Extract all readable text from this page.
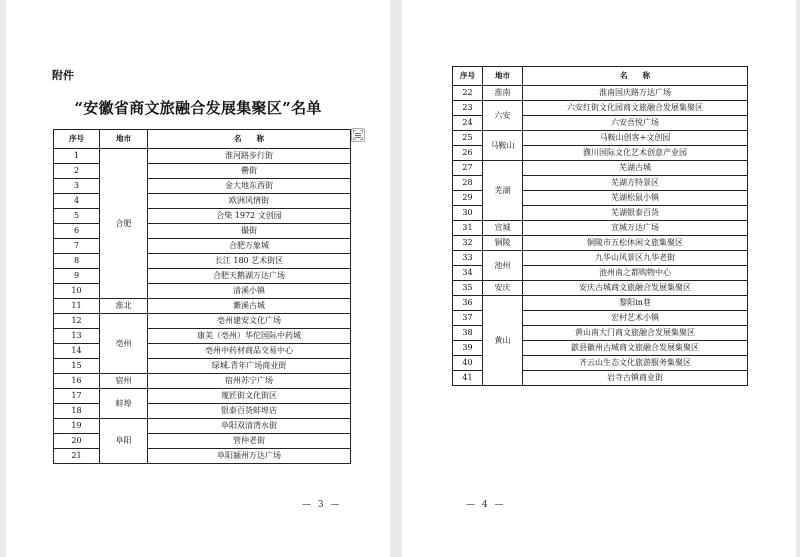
附件
“安徽省商文旅融合发展集聚区”名单
序号	地市	名　　称
1	合肥	淮河路步行街
2		罍街
3		金大地东西街
4		欧洲风情街
5		合柴 1972 文创园
6		撮街
7		合肥万象城
8		长江 180 艺术街区
9		合肥天鹅湖万达广场
10		清溪小镇
11	淮北	濉溪古城
12	亳州	亳州建安文化广场
13		康美（亳州）华佗国际中药城
14		亳州中药材商品交易中心
15		绿城.青年广场商业街
16	宿州	宿州苏宁广场
17	蚌埠	蔑匠街文化街区
18		银泰百货蚌埠店
19	阜阳	阜阳双清湾水街
20		管仲老街
21		阜阳颍州万达广场
— 3 —
序号	地市	名　　称
22	淮南	淮南国庆路万达广场
23	六安	六安红街文化园商文旅融合发展集聚区
24		六安吾悦广场
25	马鞍山	马鞍山创客+文创园
26		濮川国际文化艺术创意产业园
27	芜湖	芜湖古城
28		芜湖方特景区
29		芜湖松鼠小镇
30		芜湖银泰百货
31	宣城	宣城万达广场
32	铜陵	铜陵市五松休闲文旅集聚区
33	池州	九华山风景区九华老街
34		池州南之都购物中心
35	安庆	安庆古城商文旅融合发展集聚区
36	黄山	黎阳in巷
37		宏村艺术小镇
38		黄山南大门商文旅融合发展集聚区
39		歙县徽州古城商文旅融合发展集聚区
40		齐云山生态文化旅游服务集聚区
41		岩寺古镇商业街
— 4 —
